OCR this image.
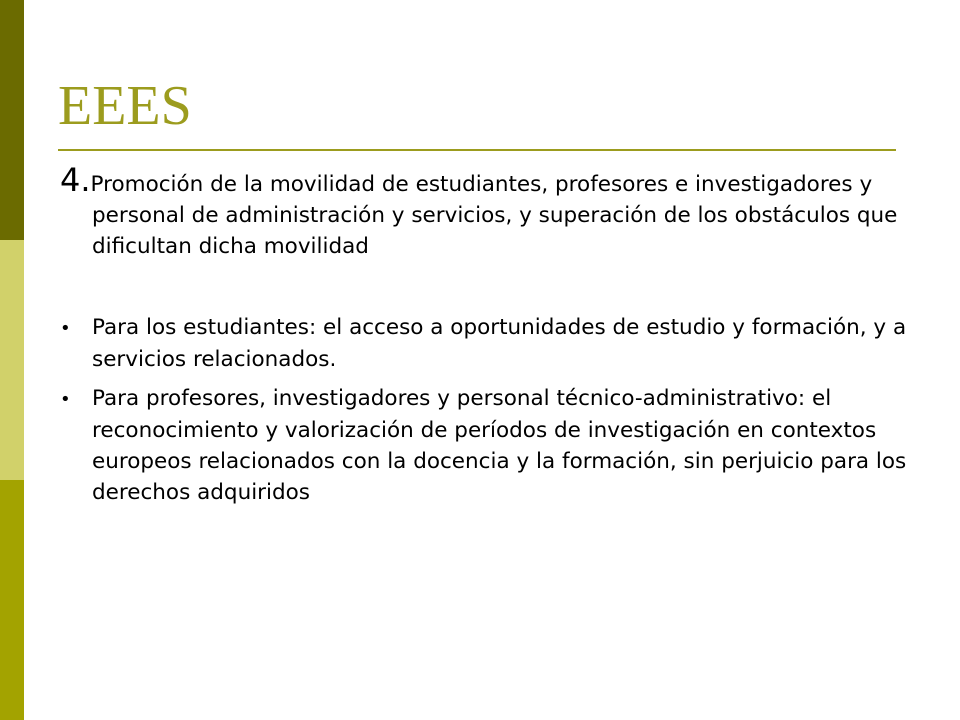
EEES

4.Promoción de la movilidad de estudiantes, profesores e investigadores y personal de administración y servicios, y superación de los obstáculos que dificultan dicha movilidad

• Para los estudiantes: el acceso a oportunidades de estudio y formación, y a servicios relacionados.

• Para profesores, investigadores y personal técnico-administrativo: el reconocimiento y valorización de períodos de investigación en contextos europeos relacionados con la docencia y la formación, sin perjuicio para los derechos adquiridos
